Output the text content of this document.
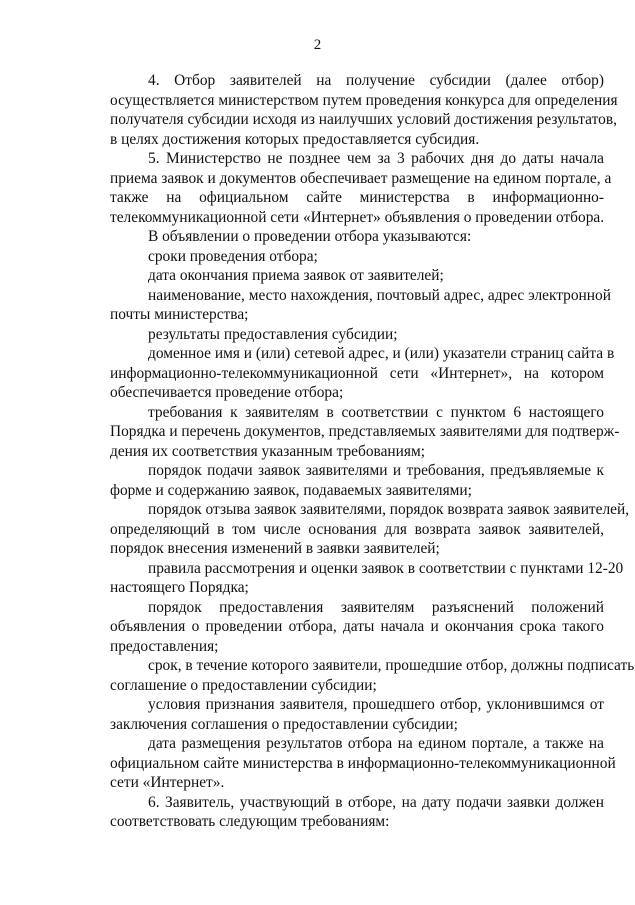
2

4. Отбор заявителей на получение субсидии (далее отбор)
осуществляется министерством путем проведения конкурса для определения
получателя субсидии исходя из наилучших условий достижения результатов,
в целях достижения которых предоставляется субсидия.

5. Министерство не позднее чем за 3 рабочих дня до даты начала
приема заявок и документов обеспечивает размещение на едином портале, а
также на официальном сайте министерства в информационно-
телекоммуникационной сети «Интернет» объявления о проведении отбора.

В объявлении о проведении отбора указываются:

сроки проведения отбора;

дата окончания приема заявок от заявителей;

наименование, место нахождения, почтовый адрес, адрес электронной
почты министерства;

результаты предоставления субсидии;

доменное имя и (или) сетевой адрес, и (или) указатели страниц сайта в
информационно-телекоммуникационной сети «Интернет», на котором
обеспечивается проведение отбора;

требования к заявителям в соответствии с пунктом 6 настоящего
Порядка и перечень документов, представляемых заявителями для подтверж-
дения их соответствия указанным требованиям;

порядок подачи заявок заявителями и требования, предъявляемые к
форме и содержанию заявок, подаваемых заявителями;

порядок отзыва заявок заявителями, порядок возврата заявок заявителей,
определяющий в том числе основания для возврата заявок заявителей,
порядок внесения изменений в заявки заявителей;

правила рассмотрения и оценки заявок в соответствии с пунктами 12-20
настоящего Порядка;

порядок предоставления заявителям разъяснений положений
объявления о проведении отбора, даты начала и окончания срока такого
предоставления;

срок, в течение которого заявители, прошедшие отбор, должны подписать
соглашение о предоставлении субсидии;

условия признания заявителя, прошедшего отбор, уклонившимся от
заключения соглашения о предоставлении субсидии;

дата размещения результатов отбора на едином портале, а также на
официальном сайте министерства в информационно-телекоммуникационной
сети «Интернет».

6. Заявитель, участвующий в отборе, на дату подачи заявки должен
соответствовать следующим требованиям:
